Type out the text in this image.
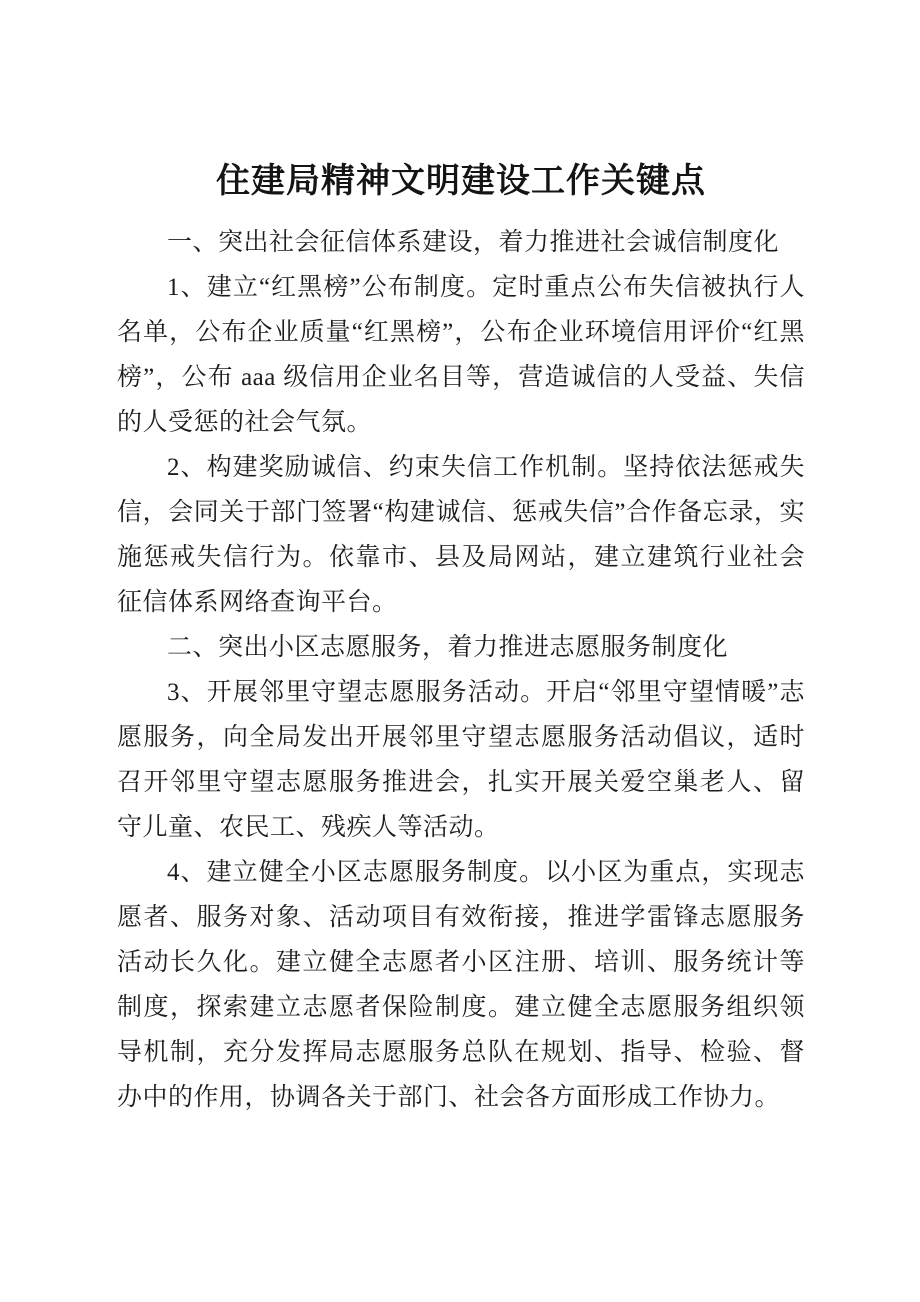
住建局精神文明建设工作关键点

一、突出社会征信体系建设，着力推进社会诚信制度化

1、建立“红黑榜”公布制度。定时重点公布失信被执行人名单，公布企业质量“红黑榜”，公布企业环境信用评价“红黑榜”，公布 aaa 级信用企业名目等，营造诚信的人受益、失信的人受惩的社会气氛。

2、构建奖励诚信、约束失信工作机制。坚持依法惩戒失信，会同关于部门签署“构建诚信、惩戒失信”合作备忘录，实施惩戒失信行为。依靠市、县及局网站，建立建筑行业社会征信体系网络查询平台。

二、突出小区志愿服务，着力推进志愿服务制度化

3、开展邻里守望志愿服务活动。开启“邻里守望情暖”志愿服务，向全局发出开展邻里守望志愿服务活动倡议，适时召开邻里守望志愿服务推进会，扎实开展关爱空巢老人、留守儿童、农民工、残疾人等活动。

4、建立健全小区志愿服务制度。以小区为重点，实现志愿者、服务对象、活动项目有效衔接，推进学雷锋志愿服务活动长久化。建立健全志愿者小区注册、培训、服务统计等制度，探索建立志愿者保险制度。建立健全志愿服务组织领导机制，充分发挥局志愿服务总队在规划、指导、检验、督办中的作用，协调各关于部门、社会各方面形成工作协力。
